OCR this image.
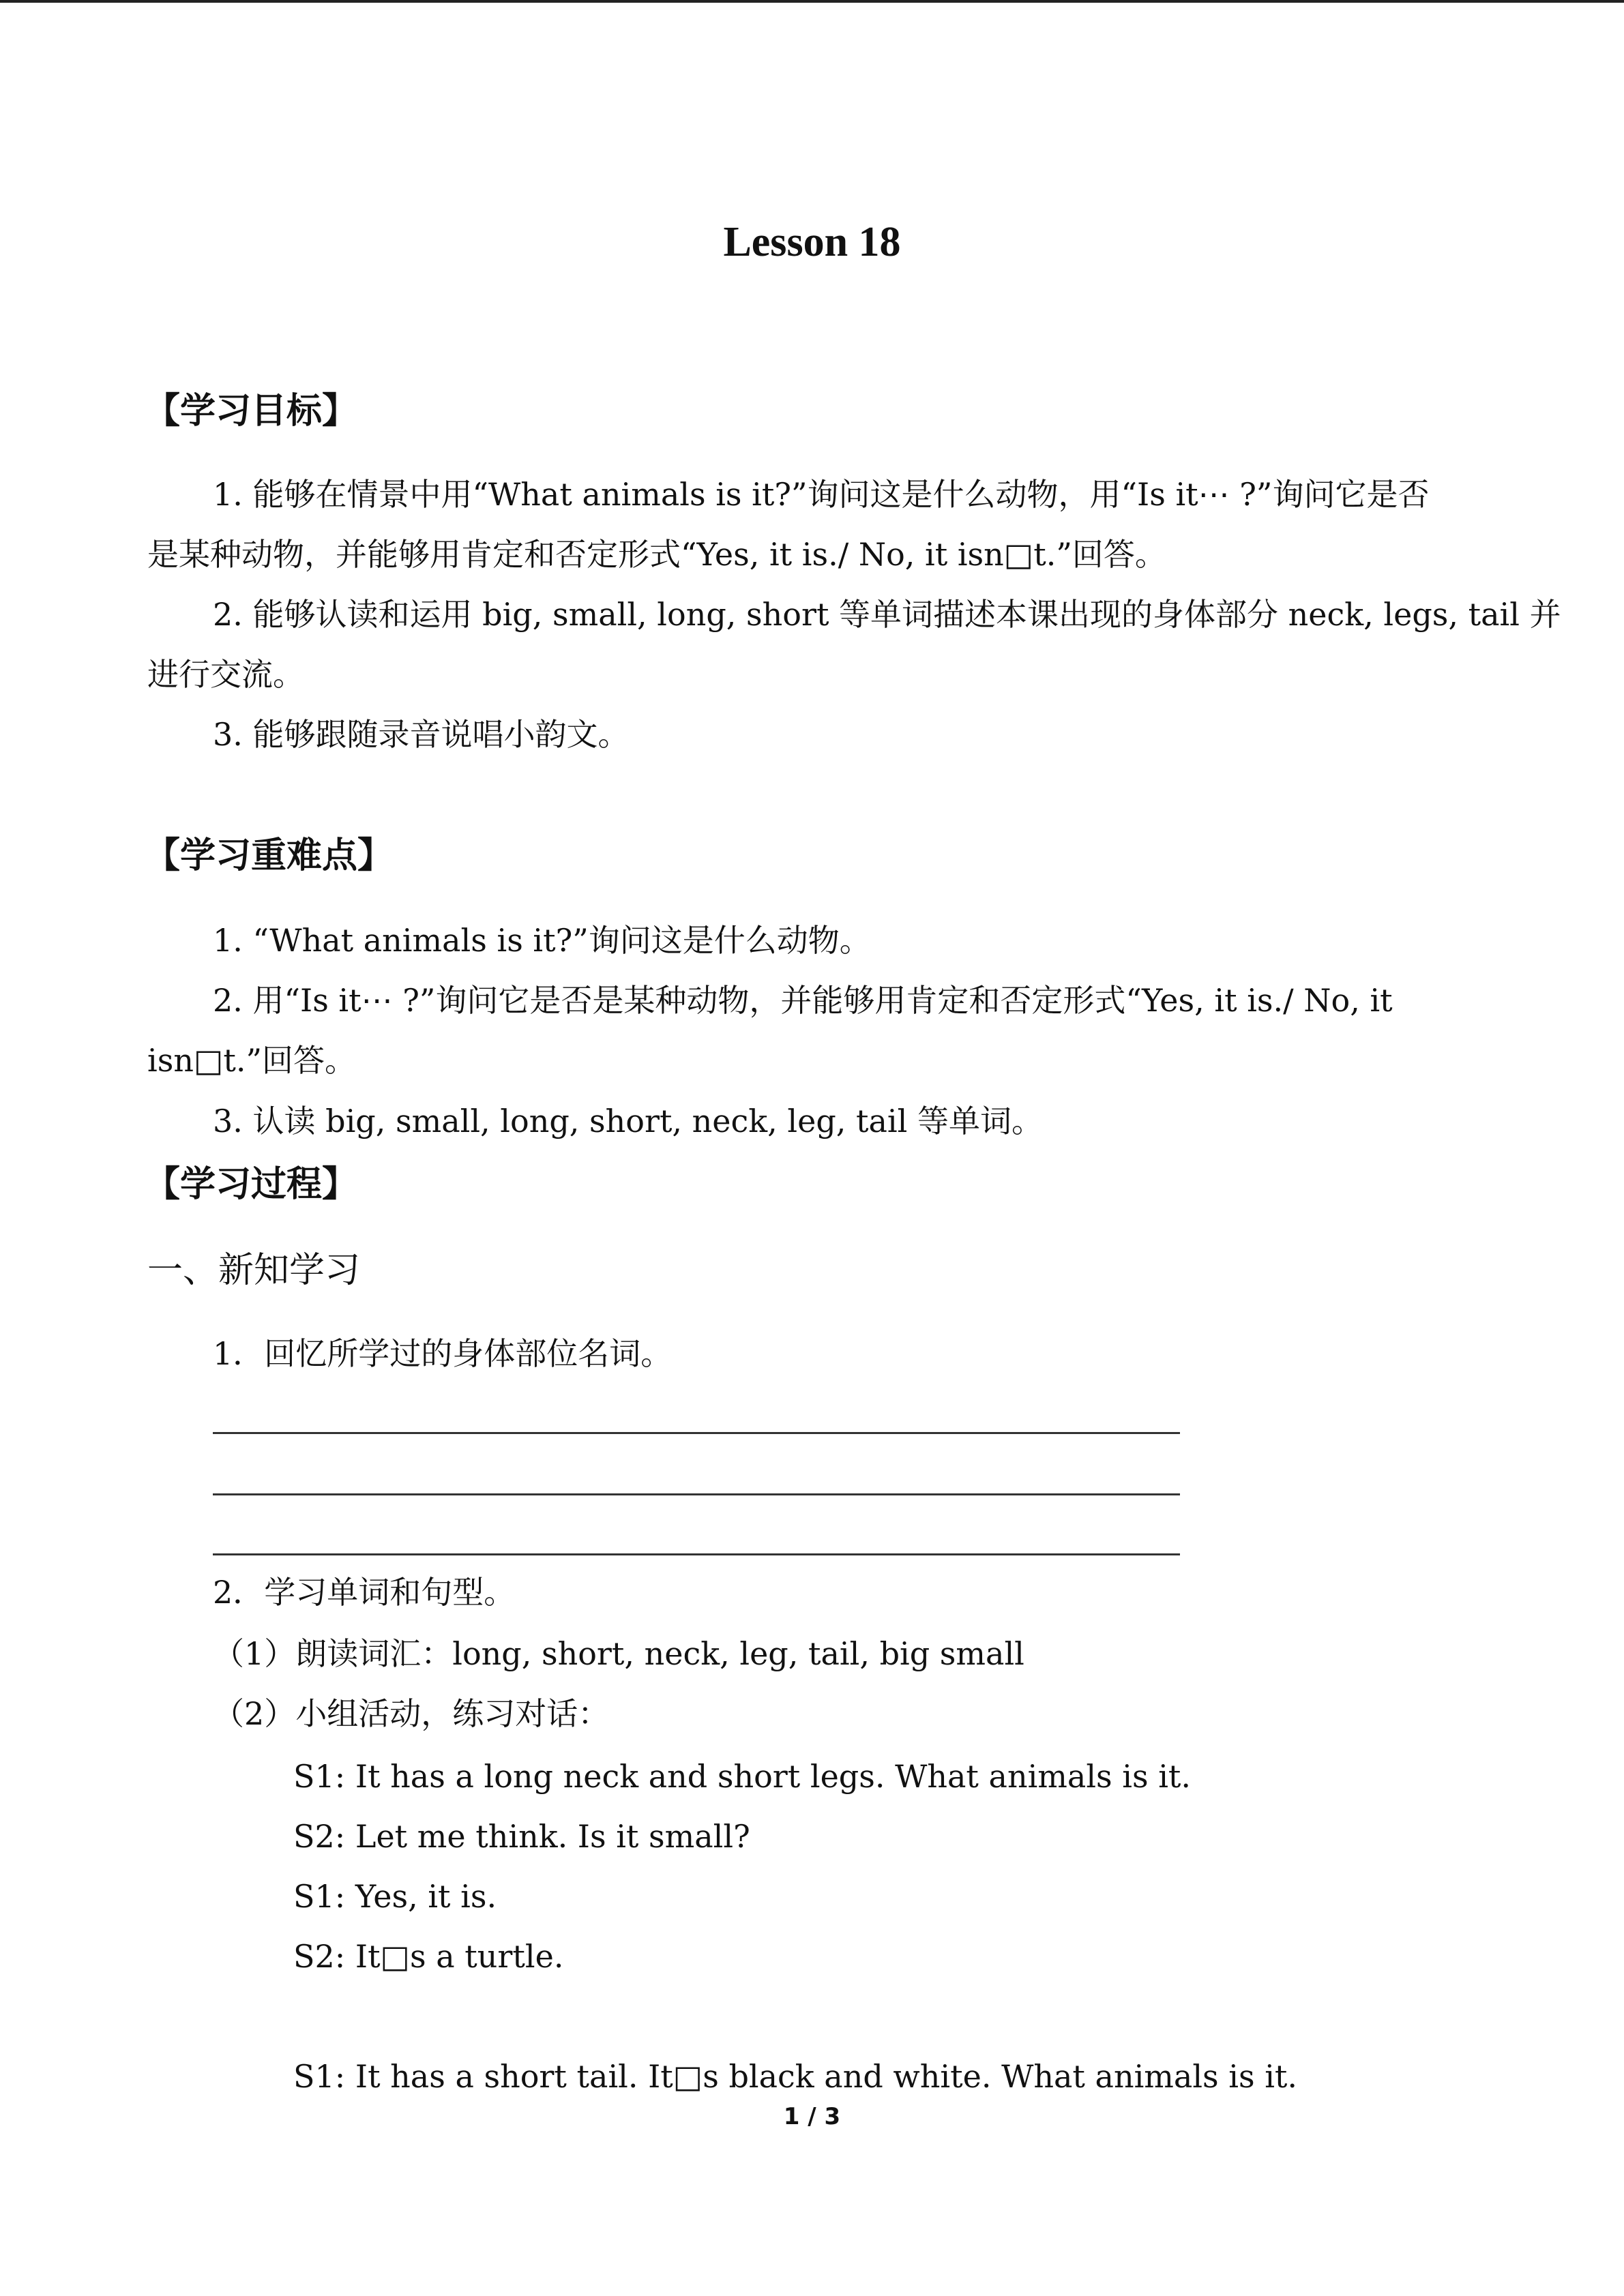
Lesson 18
【学习目标】
1. 能够在情景中用“What animals is it?”询问这是什么动物，用“Is it⋯ ?”询问它是否
是某种动物，并能够用肯定和否定形式“Yes, it is./ No, it isn□t.”回答。
2. 能够认读和运用 big, small, long, short 等单词描述本课出现的身体部分 neck, legs, tail 并
进行交流。
3. 能够跟随录音说唱小韵文。
【学习重难点】
1. “What animals is it?”询问这是什么动物。
2. 用“Is it⋯ ?”询问它是否是某种动物，并能够用肯定和否定形式“Yes, it is./ No, it
isn□t.”回答。
3. 认读 big, small, long, short, neck, leg, tail 等单词。
【学习过程】
一、新知学习
1．回忆所学过的身体部位名词。
2．学习单词和句型。
（1）朗读词汇：long, short, neck, leg, tail, big small
（2）小组活动，练习对话：
S1: It has a long neck and short legs. What animals is it.
S2: Let me think. Is it small?
S1: Yes, it is.
S2: It□s a turtle.
S1: It has a short tail. It□s black and white. What animals is it.
1 / 3
